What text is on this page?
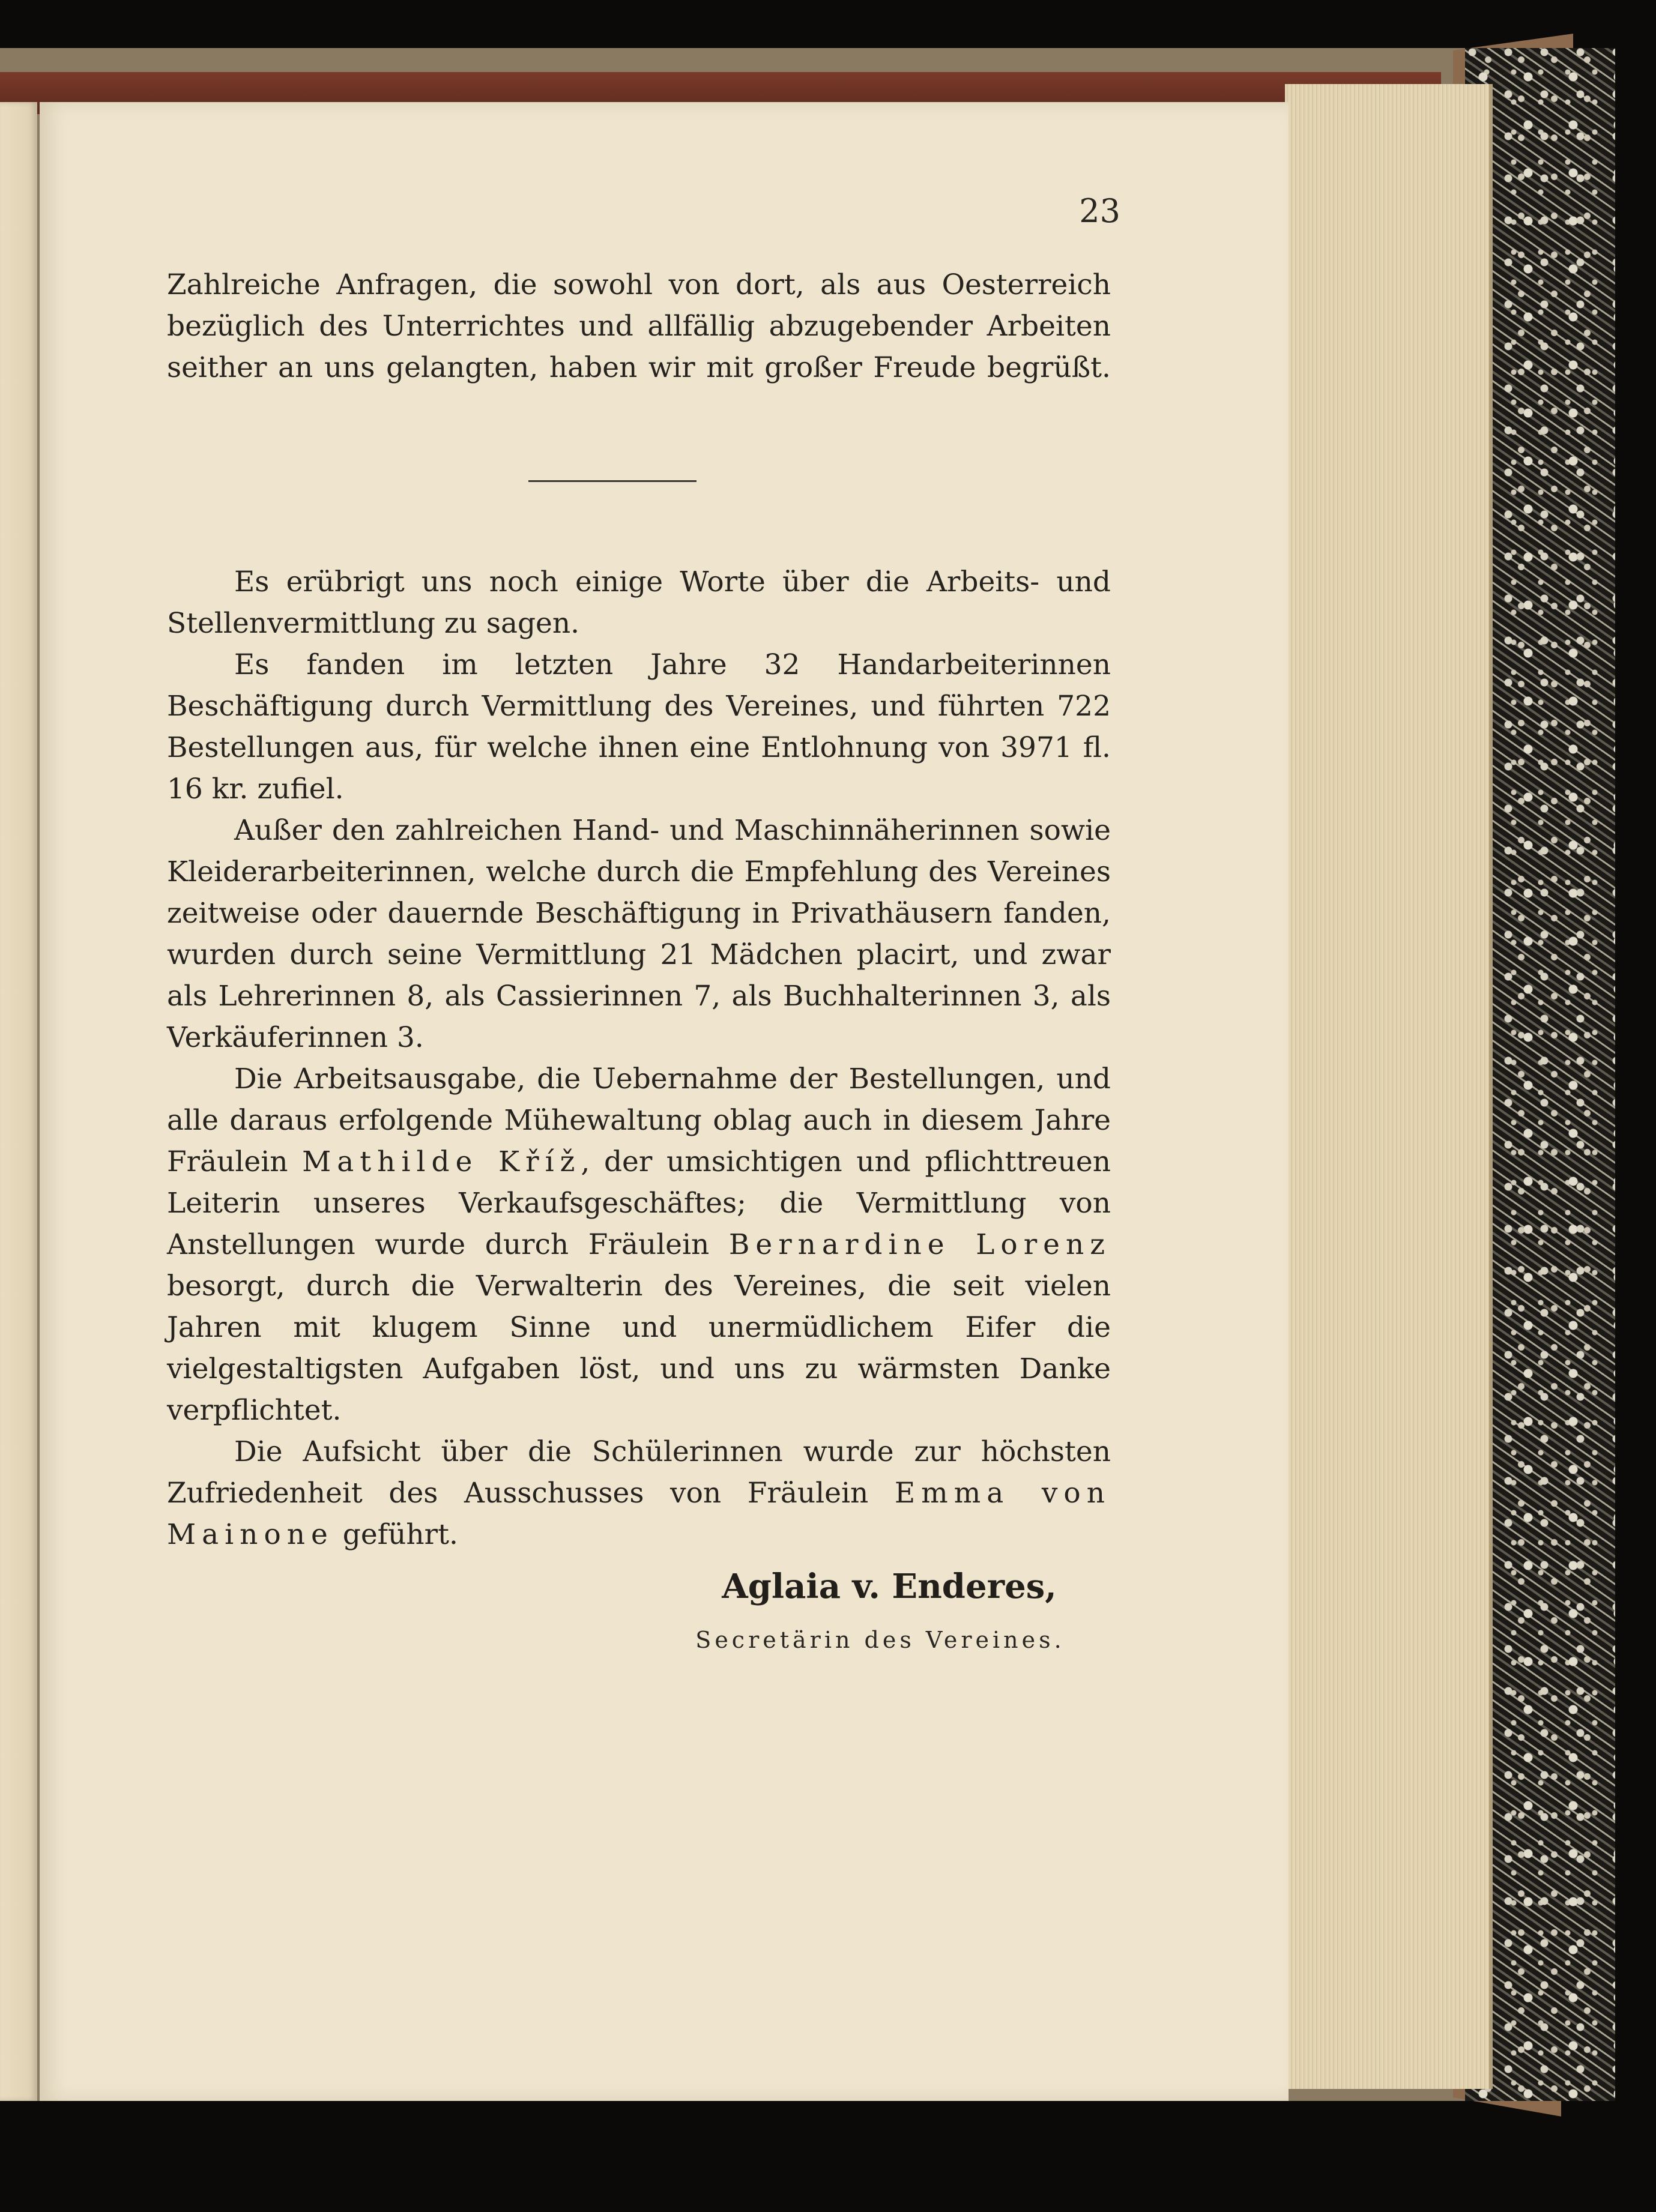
23
Zahlreiche Anfragen, die sowohl von dort, als aus Oesterreich
bezüglich des Unterrichtes und allfällig abzugebender Arbeiten
seither an uns gelangten, haben wir mit großer Freude begrüßt.

Es erübrigt uns noch einige Worte über die Arbeits- und Stellenvermittlung zu sagen.

Es fanden im letzten Jahre 32 Handarbeiterinnen Beschäftigung durch Vermittlung des Vereines, und führten 722 Bestellungen aus, für welche ihnen eine Entlohnung von 3971 fl. 16 kr. zufiel.

Außer den zahlreichen Hand- und Maschinnäherinnen sowie Kleiderarbeiterinnen, welche durch die Empfehlung des Vereines zeitweise oder dauernde Beschäftigung in Privathäusern fanden, wurden durch seine Vermittlung 21 Mädchen placirt, und zwar als Lehrerinnen 8, als Cassierinnen 7, als Buchhalterinnen 3, als Verkäuferinnen 3.

Die Arbeitsausgabe, die Uebernahme der Bestellungen, und alle daraus erfolgende Mühewaltung oblag auch in diesem Jahre Fräulein Mathilde Kříž, der umsichtigen und pflichttreuen Leiterin unseres Verkaufsgeschäftes; die Vermittlung von Anstellungen wurde durch Fräulein Bernardine Lorenz besorgt, durch die Verwalterin des Vereines, die seit vielen Jahren mit klugem Sinne und unermüdlichem Eifer die vielgestaltigsten Aufgaben löst, und uns zu wärmsten Danke verpflichtet.

Die Aufsicht über die Schülerinnen wurde zur höchsten Zufriedenheit des Ausschusses von Fräulein Emma von Mainone geführt.

Aglaia v. Enderes,
Secretärin des Vereines.
